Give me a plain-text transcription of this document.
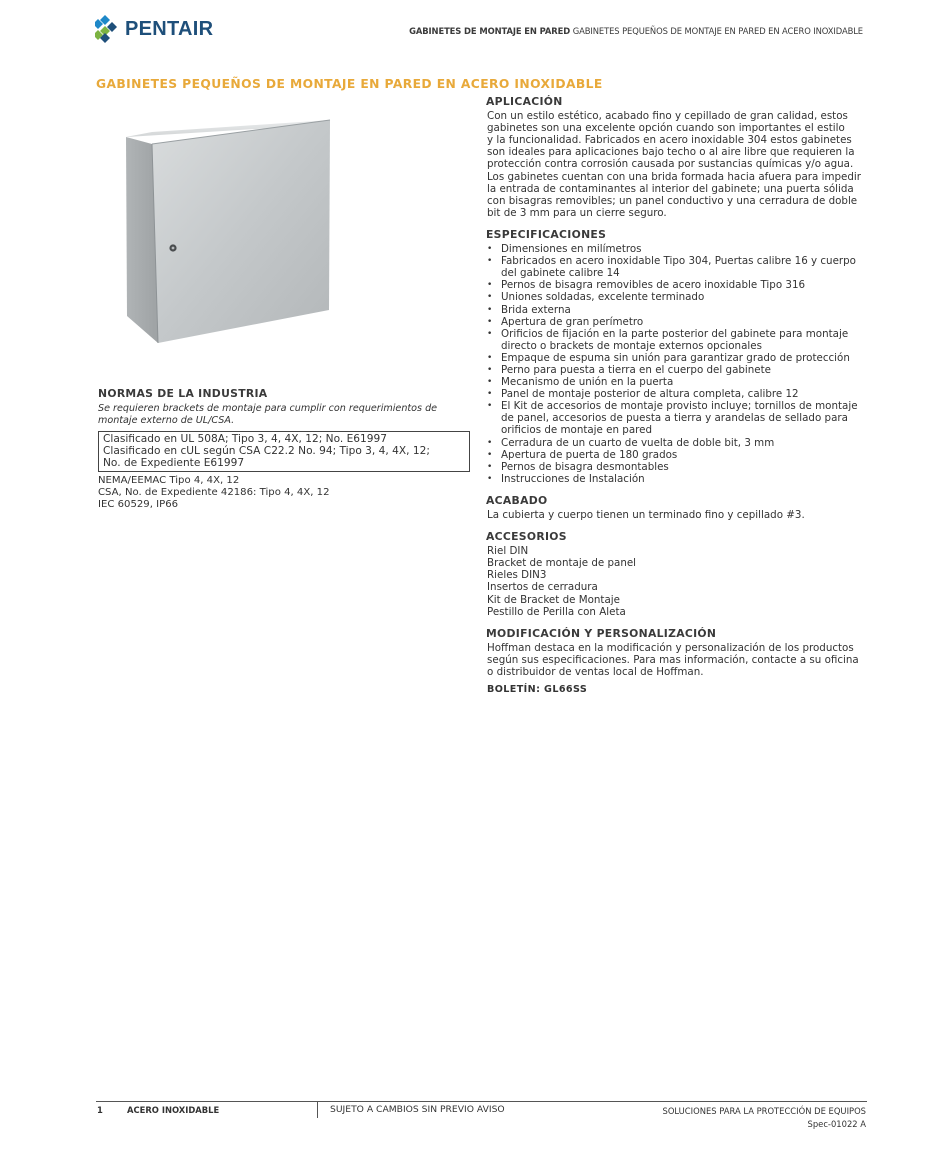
PENTAIR	GABINETES DE MONTAJE EN PARED GABINETES PEQUEÑOS DE MONTAJE EN PARED EN ACERO INOXIDABLE
GABINETES PEQUEÑOS DE MONTAJE EN PARED EN ACERO INOXIDABLE
NORMAS DE LA INDUSTRIA
Se requieren brackets de montaje para cumplir con requerimientos de montaje externo de UL/CSA.
Clasificado en UL 508A; Tipo 3, 4, 4X, 12; No. E61997
Clasificado en cUL según CSA C22.2 No. 94; Tipo 3, 4, 4X, 12;
No. de Expediente E61997
NEMA/EEMAC Tipo 4, 4X, 12
CSA, No. de Expediente 42186: Tipo 4, 4X, 12
IEC 60529, IP66
APLICACIÓN
Con un estilo estético, acabado fino y cepillado de gran calidad, estos
gabinetes son una excelente opción cuando son importantes el estilo
y la funcionalidad. Fabricados en acero inoxidable 304 estos gabinetes
son ideales para aplicaciones bajo techo o al aire libre que requieren la
protección contra corrosión causada por sustancias químicas y/o agua.
Los gabinetes cuentan con una brida formada hacia afuera para impedir
la entrada de contaminantes al interior del gabinete; una puerta sólida
con bisagras removibles; un panel conductivo y una cerradura de doble
bit de 3 mm para un cierre seguro.
ESPECIFICACIONES
• Dimensiones en milímetros
• Fabricados en acero inoxidable Tipo 304, Puertas calibre 16 y cuerpo
del gabinete calibre 14
• Pernos de bisagra removibles de acero inoxidable Tipo 316
• Uniones soldadas, excelente terminado
• Brida externa
• Apertura de gran perímetro
• Orificios de fijación en la parte posterior del gabinete para montaje
directo o brackets de montaje externos opcionales
• Empaque de espuma sin unión para garantizar grado de protección
• Perno para puesta a tierra en el cuerpo del gabinete
• Mecanismo de unión en la puerta
• Panel de montaje posterior de altura completa, calibre 12
• El Kit de accesorios de montaje provisto incluye; tornillos de montaje
de panel, accesorios de puesta a tierra y arandelas de sellado para
orificios de montaje en pared
• Cerradura de un cuarto de vuelta de doble bit, 3 mm
• Apertura de puerta de 180 grados
• Pernos de bisagra desmontables
• Instrucciones de Instalación
ACABADO
La cubierta y cuerpo tienen un terminado fino y cepillado #3.
ACCESORIOS
Riel DIN
Bracket de montaje de panel
Rieles DIN3
Insertos de cerradura
Kit de Bracket de Montaje
Pestillo de Perilla con Aleta
MODIFICACIÓN Y PERSONALIZACIÓN
Hoffman destaca en la modificación y personalización de los productos
según sus especificaciones. Para mas información, contacte a su oficina
o distribuidor de ventas local de Hoffman.
BOLETÍN: GL66SS
1	ACERO INOXIDABLE	SUJETO A CAMBIOS SIN PREVIO AVISO	SOLUCIONES PARA LA PROTECCIÓN DE EQUIPOS
Spec-01022 A
